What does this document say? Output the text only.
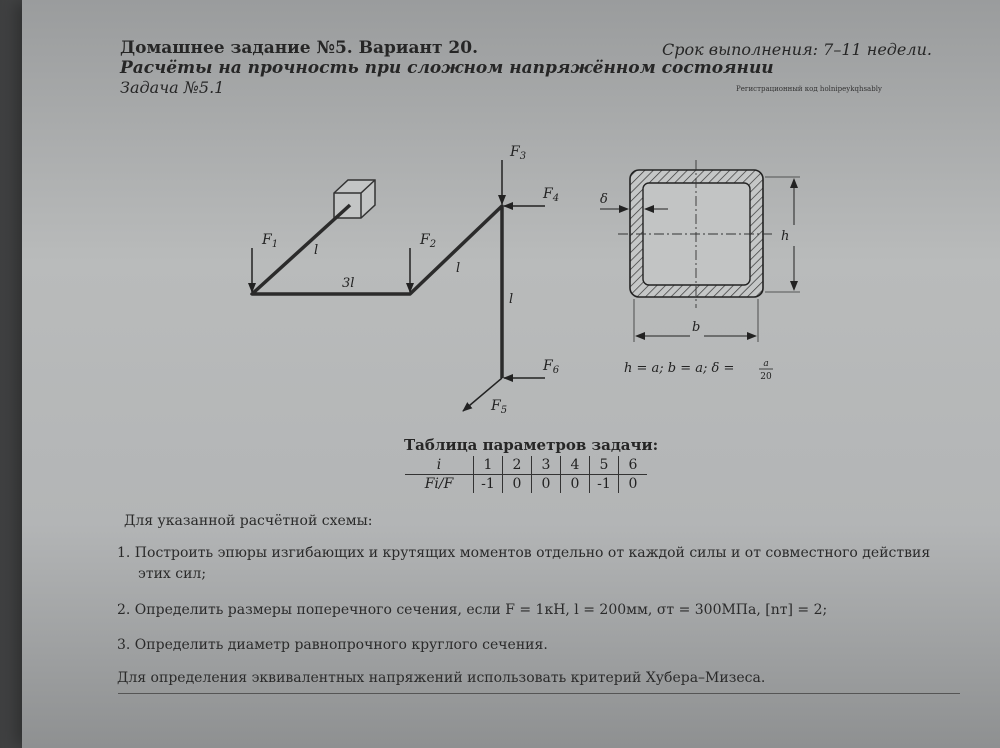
Домашнее задание №5. Вариант 20.	Срок выполнения: 7–11 недели.
Расчёты на прочность при сложном напряжённом состоянии
Задача №5.1	Регистрационный код holnipeykqhsablу
$F_1$	$F_2$
$F_3$
$F_4$
$F_5$
$F_6$
l
3l
l
l
δ
h
b
h = a; b = a; δ =	a
20
Таблица параметров задачи:
i	1	2	3	4	5	6
Fi/F	-1	0	0	0	-1	0
Для указанной расчётной схемы:
1. Построить эпюры изгибающих и крутящих моментов отдельно от каждой силы и от совместного действия
этих сил;
2. Определить размеры поперечного сечения, если F = 1кН, l = 200мм, σт = 300МПа, [nт] = 2;
3. Определить диаметр равнопрочного круглого сечения.
Для определения эквивалентных напряжений использовать критерий Хубера–Мизеса.
